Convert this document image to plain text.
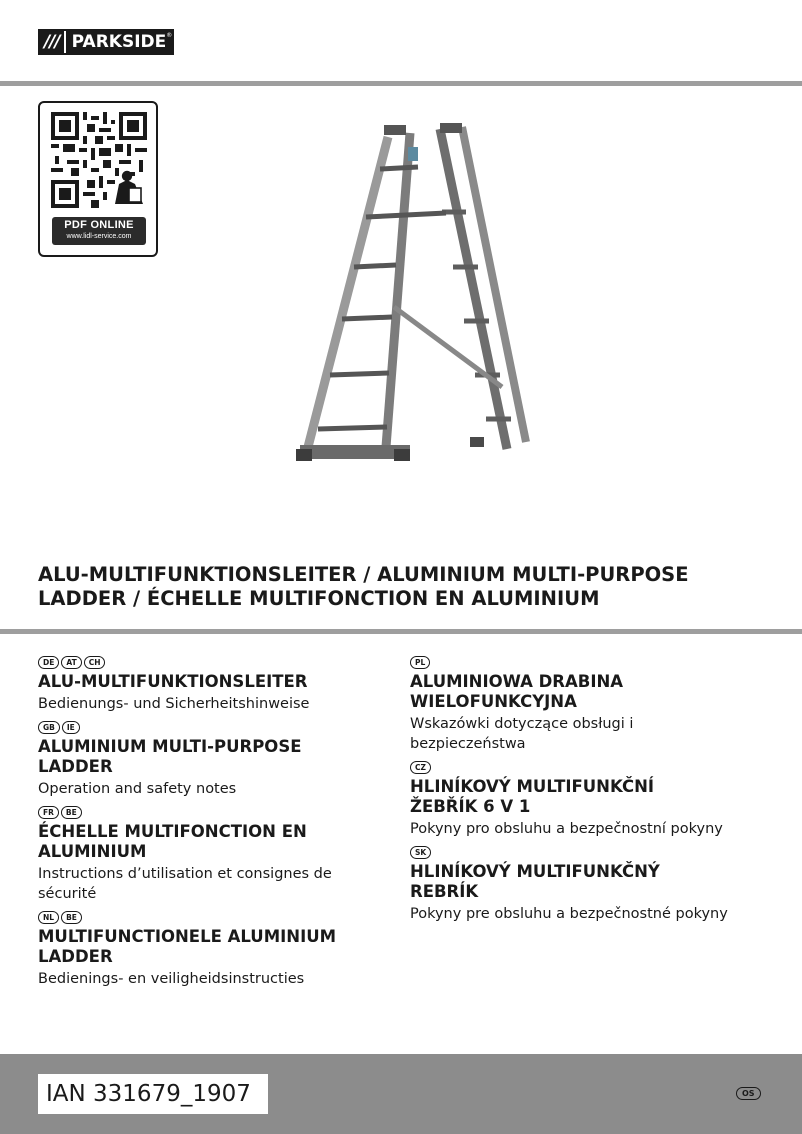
/// PARKSIDE ®
PDF ONLINE
www.lidl-service.com
ALU-MULTIFUNKTIONSLEITER / ALUMINIUM MULTI-PURPOSE LADDER / ÉCHELLE MULTIFONCTION EN ALUMINIUM
DE	AT	CH
ALU-MULTIFUNKTIONSLEITER
Bedienungs- und Sicherheitshinweise
GB	IE
ALUMINIUM MULTI-PURPOSE LADDER
Operation and safety notes
FR	BE
ÉCHELLE MULTIFONCTION EN ALUMINIUM
Instructions d’utilisation et consignes de sécurité
NL	BE
MULTIFUNCTIONELE ALUMINIUM LADDER
Bedienings- en veiligheidsinstructies
PL
ALUMINIOWA DRABINA WIELOFUNKCYJNA
Wskazówki dotyczące obsługi i bezpieczeństwa
CZ
HLINÍKOVÝ MULTIFUNKČNÍ ŽEBŘÍK 6 V 1
Pokyny pro obsluhu a bezpečnostní pokyny
SK
HLINÍKOVÝ MULTIFUNKČNÝ REBRÍK
Pokyny pre obsluhu a bezpečnostné pokyny
IAN 331679_1907	OS
